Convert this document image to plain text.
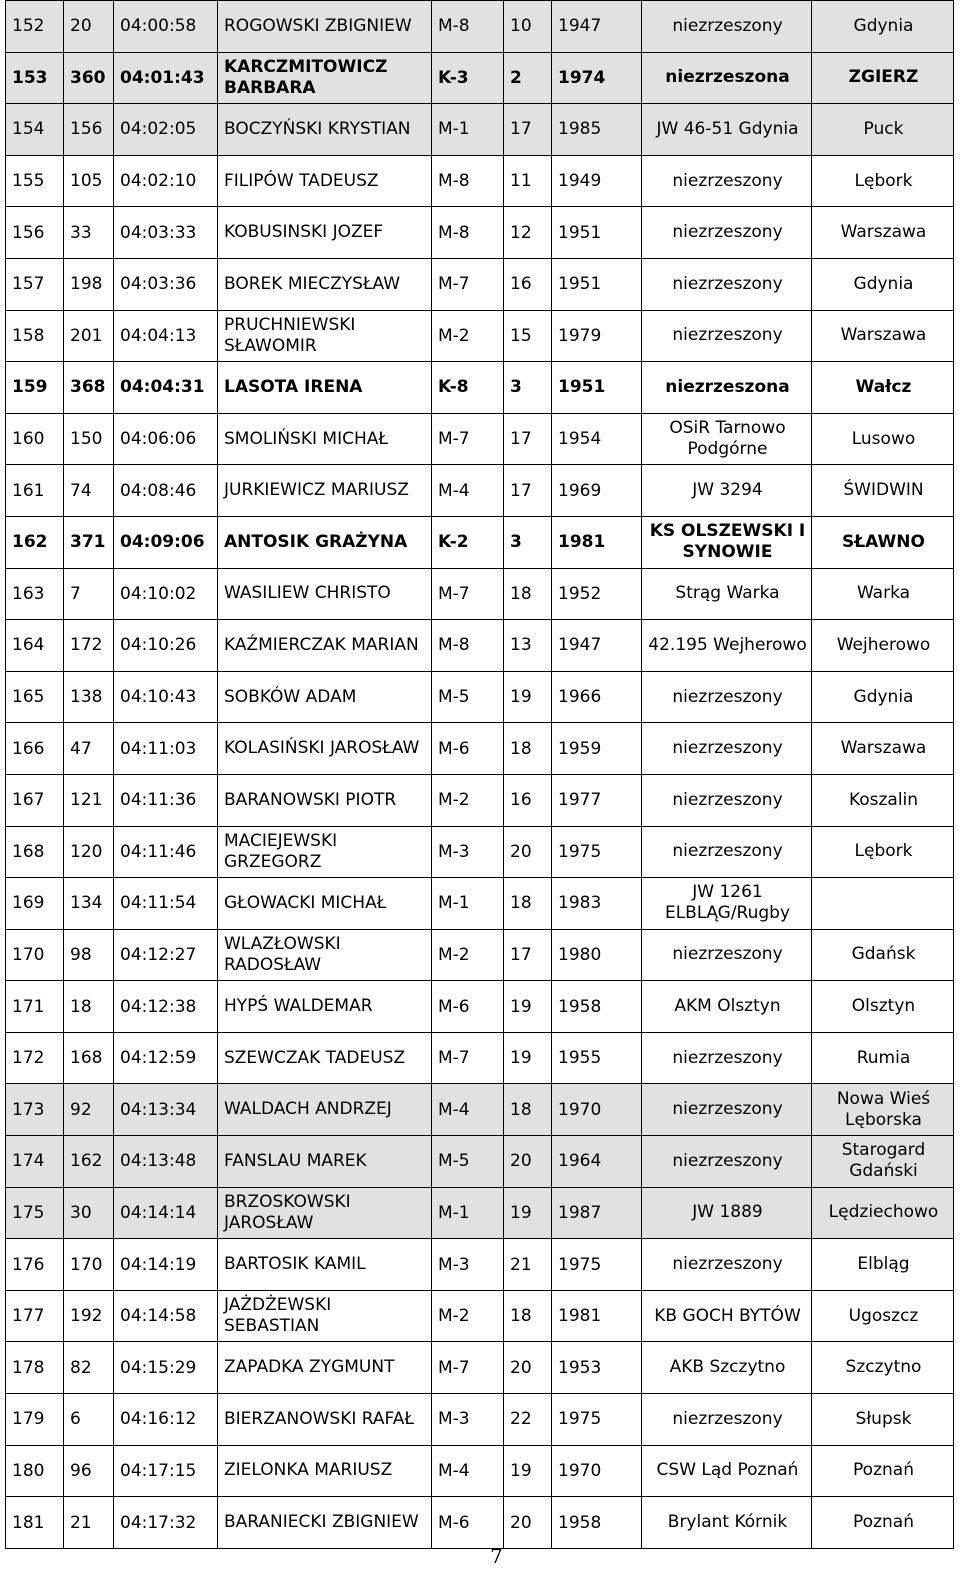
152	20	04:00:58	ROGOWSKI ZBIGNIEW	M-8	10	1947	niezrzeszony	Gdynia
153	360	04:01:43	KARCZMITOWICZ BARBARA	K-3	2	1974	niezrzeszona	ZGIERZ
154	156	04:02:05	BOCZYŃSKI KRYSTIAN	M-1	17	1985	JW 46-51 Gdynia	Puck
155	105	04:02:10	FILIPÓW TADEUSZ	M-8	11	1949	niezrzeszony	Lębork
156	33	04:03:33	KOBUSINSKI JOZEF	M-8	12	1951	niezrzeszony	Warszawa
157	198	04:03:36	BOREK MIECZYSŁAW	M-7	16	1951	niezrzeszony	Gdynia
158	201	04:04:13	PRUCHNIEWSKI SŁAWOMIR	M-2	15	1979	niezrzeszony	Warszawa
159	368	04:04:31	LASOTA IRENA	K-8	3	1951	niezrzeszona	Wałcz
160	150	04:06:06	SMOLIŃSKI MICHAŁ	M-7	17	1954	OSiR Tarnowo Podgórne	Lusowo
161	74	04:08:46	JURKIEWICZ MARIUSZ	M-4	17	1969	JW 3294	ŚWIDWIN
162	371	04:09:06	ANTOSIK GRAŻYNA	K-2	3	1981	KS OLSZEWSKI I SYNOWIE	SŁAWNO
163	7	04:10:02	WASILIEW CHRISTO	M-7	18	1952	Strąg Warka	Warka
164	172	04:10:26	KAŹMIERCZAK MARIAN	M-8	13	1947	42.195 Wejherowo	Wejherowo
165	138	04:10:43	SOBKÓW ADAM	M-5	19	1966	niezrzeszony	Gdynia
166	47	04:11:03	KOLASIŃSKI JAROSŁAW	M-6	18	1959	niezrzeszony	Warszawa
167	121	04:11:36	BARANOWSKI PIOTR	M-2	16	1977	niezrzeszony	Koszalin
168	120	04:11:46	MACIEJEWSKI GRZEGORZ	M-3	20	1975	niezrzeszony	Lębork
169	134	04:11:54	GŁOWACKI MICHAŁ	M-1	18	1983	JW 1261 ELBLĄG/Rugby	
170	98	04:12:27	WLAZŁOWSKI RADOSŁAW	M-2	17	1980	niezrzeszony	Gdańsk
171	18	04:12:38	HYPŚ WALDEMAR	M-6	19	1958	AKM Olsztyn	Olsztyn
172	168	04:12:59	SZEWCZAK TADEUSZ	M-7	19	1955	niezrzeszony	Rumia
173	92	04:13:34	WALDACH ANDRZEJ	M-4	18	1970	niezrzeszony	Nowa Wieś Lęborska
174	162	04:13:48	FANSLAU MAREK	M-5	20	1964	niezrzeszony	Starogard Gdański
175	30	04:14:14	BRZOSKOWSKI JAROSŁAW	M-1	19	1987	JW 1889	Lędziechowo
176	170	04:14:19	BARTOSIK KAMIL	M-3	21	1975	niezrzeszony	Elbląg
177	192	04:14:58	JAŻDŻEWSKI SEBASTIAN	M-2	18	1981	KB GOCH BYTÓW	Ugoszcz
178	82	04:15:29	ZAPADKA ZYGMUNT	M-7	20	1953	AKB Szczytno	Szczytno
179	6	04:16:12	BIERZANOWSKI RAFAŁ	M-3	22	1975	niezrzeszony	Słupsk
180	96	04:17:15	ZIELONKA MARIUSZ	M-4	19	1970	CSW Ląd Poznań	Poznań
181	21	04:17:32	BARANIECKI ZBIGNIEW	M-6	20	1958	Brylant Kórnik	Poznań
7
